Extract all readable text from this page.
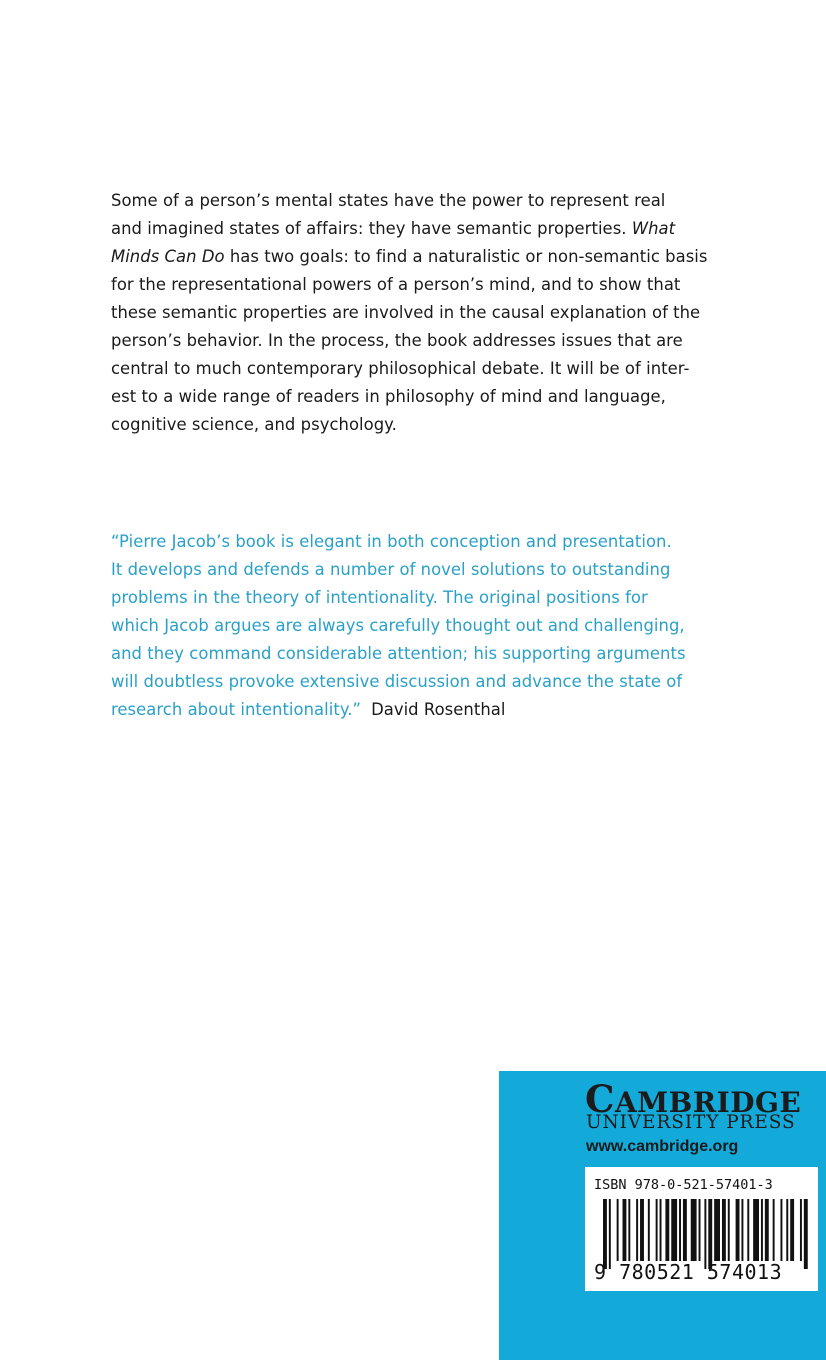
Some of a person’s mental states have the power to represent real
and imagined states of affairs: they have semantic properties. What
Minds Can Do has two goals: to find a naturalistic or non-semantic basis
for the representational powers of a person’s mind, and to show that
these semantic properties are involved in the causal explanation of the
person’s behavior. In the process, the book addresses issues that are
central to much contemporary philosophical debate. It will be of inter-
est to a wide range of readers in philosophy of mind and language,
cognitive science, and psychology.

“Pierre Jacob’s book is elegant in both conception and presentation.
It develops and defends a number of novel solutions to outstanding
problems in the theory of intentionality. The original positions for
which Jacob argues are always carefully thought out and challenging,
and they command considerable attention; his supporting arguments
will doubtless provoke extensive discussion and advance the state of
research about intentionality.” David Rosenthal

CAMBRIDGE

UNIVERSITY PRESS

www.cambridge.org

ISBN 978-0-521-57401-3

9 780521 574013
